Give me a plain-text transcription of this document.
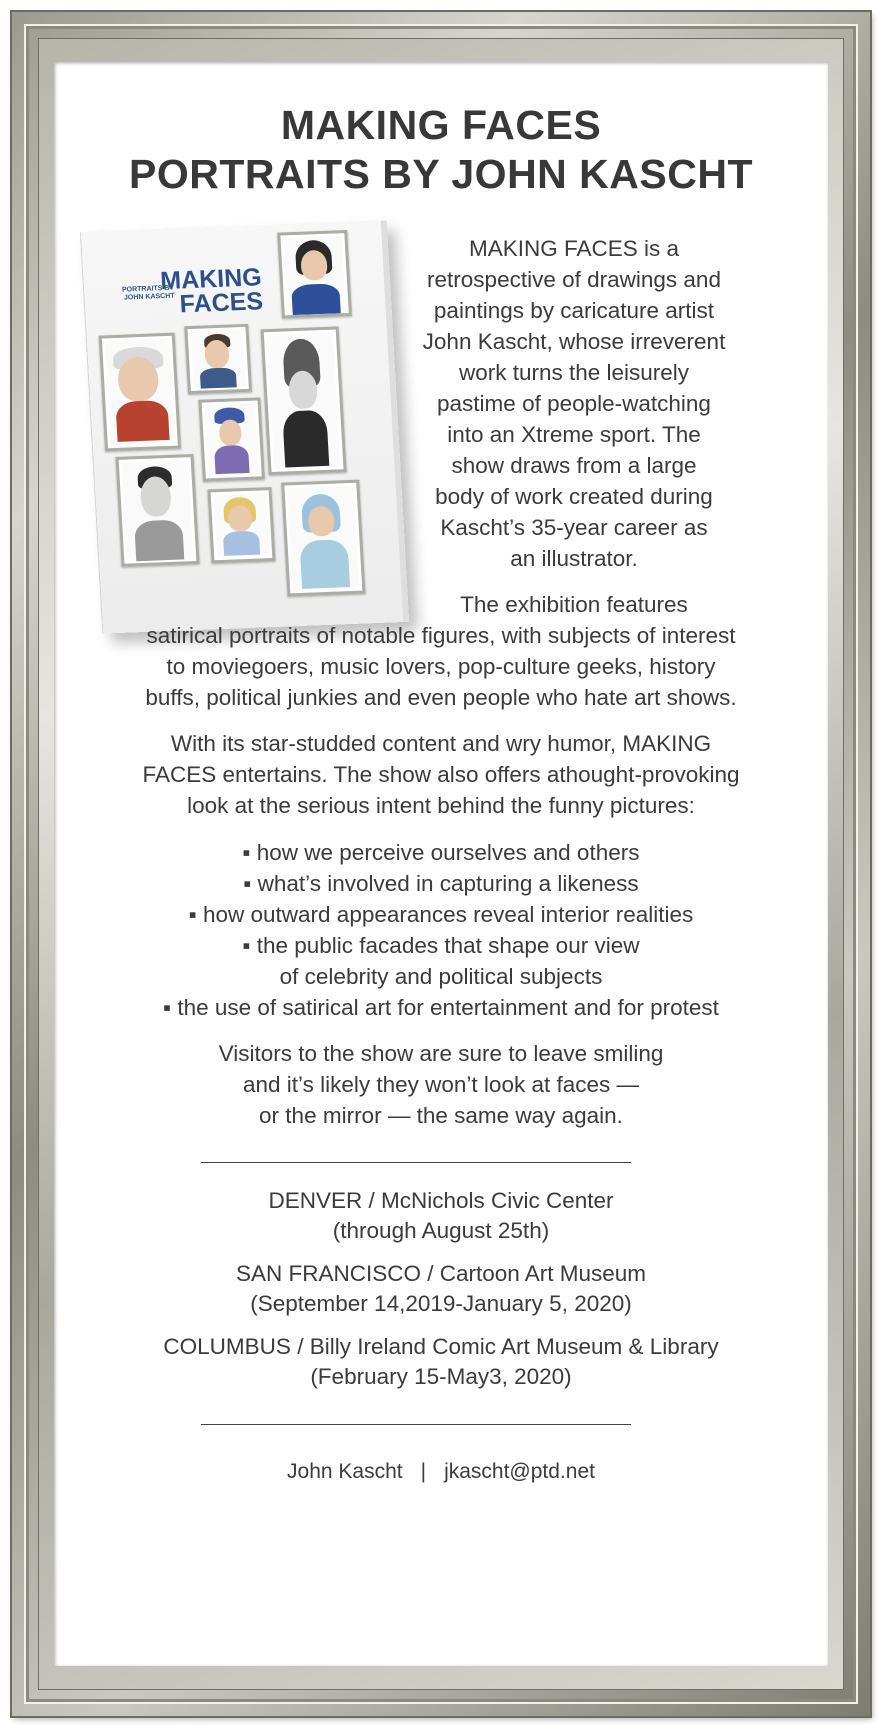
MAKING FACES
PORTRAITS BY JOHN KASCHT
PORTRAITS BY
JOHN KASCHT
MAKING
FACES

MAKING FACES is a

retrospective of drawings and

paintings by caricature artist

John Kascht, whose irreverent

work turns the leisurely

pastime of people-watching

into an Xtreme sport. The

show draws from a large

body of work created during

Kascht’s 35-year career as

an illustrator.

The exhibition features

satirical portraits of notable figures, with subjects of interest

to moviegoers, music lovers, pop-culture geeks, history

buffs, political junkies and even people who hate art shows.

With its star-studded content and wry humor, MAKING

FACES entertains. The show also offers athought-provoking

look at the serious intent behind the funny pictures:

▪ how we perceive ourselves and others

▪ what’s involved in capturing a likeness

▪ how outward appearances reveal interior realities

▪ the public facades that shape our view

of celebrity and political subjects

▪ the use of satirical art for entertainment and for protest

Visitors to the show are sure to leave smiling

and it’s likely they won’t look at faces —

or the mirror — the same way again.

DENVER / McNichols Civic Center

(through August 25th)

SAN FRANCISCO / Cartoon Art Museum

(September 14,2019-January 5, 2020)

COLUMBUS / Billy Ireland Comic Art Museum & Library

(February 15-May3, 2020)

John Kascht | jkascht@ptd.net
